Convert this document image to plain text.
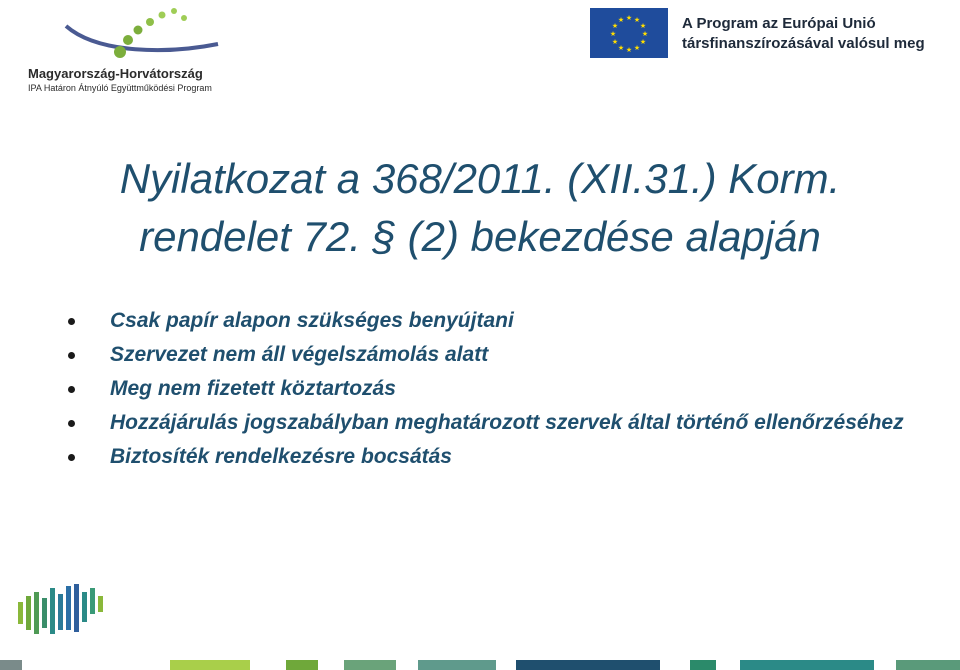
Magyarország-Horvátország
IPA Határon Átnyúló Együttműködési Program
★ ★
★
★
★
★
★
★
★
★
★
★	A Program az Európai Unió
társfinanszírozásával valósul meg
Nyilatkozat a 368/2011. (XII.31.) Korm.
rendelet 72. § (2) bekezdése alapján
Csak papír alapon szükséges benyújtani
Szervezet nem áll végelszámolás alatt
Meg nem fizetett köztartozás
Hozzájárulás jogszabályban meghatározott szervek által történő ellenőrzéséhez
Biztosíték rendelkezésre bocsátás
